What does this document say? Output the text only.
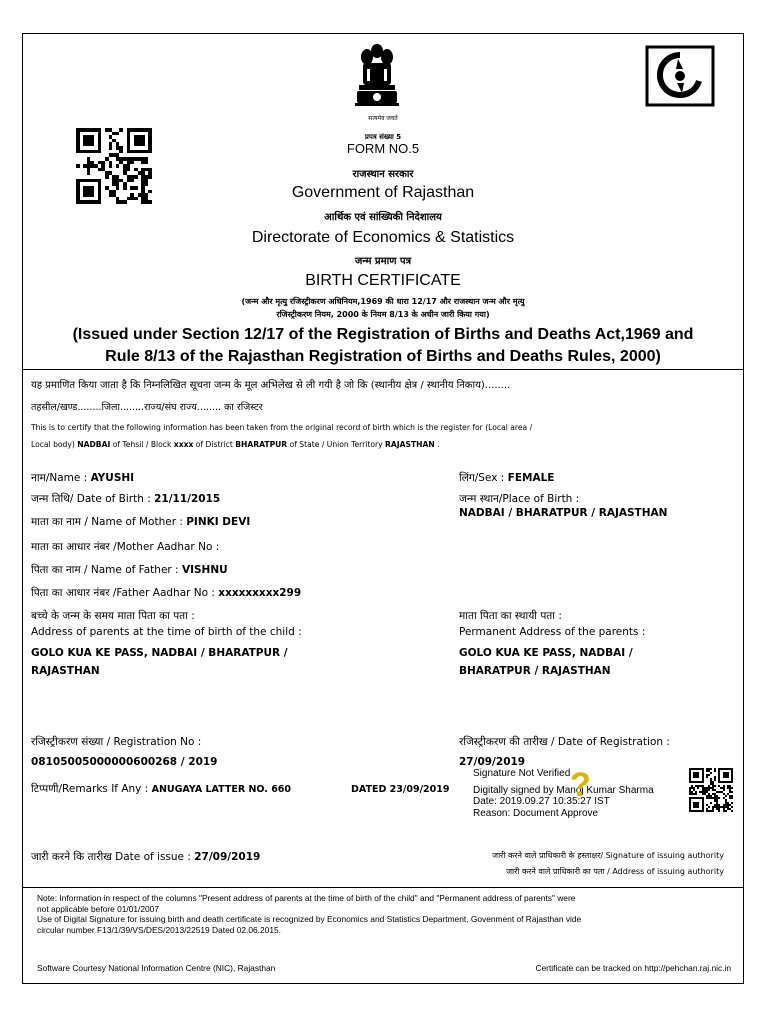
सत्यमेव जयते
प्रपत्र संख्या 5
FORM NO.5
राजस्थान सरकार
Government of Rajasthan
आर्थिक एवं सांख्यिकी निदेशालय
Directorate of Economics & Statistics
जन्म प्रमाण पत्र
BIRTH CERTIFICATE
(जन्म और मृत्यु रजिस्ट्रीकरण अधिनियम,1969 की धारा 12/17 और राजस्थान जन्म और मृत्यु
रजिस्ट्रीकरण नियम, 2000 के नियम 8/13 के अधीन जारी किया गया)
(Issued under Section 12/17 of the Registration of Births and Deaths Act,1969 and
Rule 8/13 of the Rajasthan Registration of Births and Deaths Rules, 2000)
यह प्रमाणित किया जाता है कि निम्नलिखित सूचना जन्म के मूल अभिलेख से ली गयी है जो कि (स्थानीय क्षेत्र / स्थानीय निकाय)........
तहसील/खण्ड........जिला........राज्य/संघ राज्य........ का रजिस्टर
This is to certify that the following information has been taken from the original record of birth which is the register for (Local area /
Local body) NADBAI of Tehsil / Block xxxx of District BHARATPUR of State / Union Territory RAJASTHAN .
नाम/Name : AYUSHI
जन्म तिथि/ Date of Birth : 21/11/2015
माता का नाम / Name of Mother : PINKI DEVI
माता का आधार नंबर /Mother Aadhar No :
पिता का नाम / Name of Father : VISHNU
पिता का आधार नंबर /Father Aadhar No : xxxxxxxxx299
बच्चे के जन्म के समय माता पिता का पता :
Address of parents at the time of birth of the child :
GOLO KUA KE PASS, NADBAI / BHARATPUR /
RAJASTHAN
लिंग/Sex : FEMALE
जन्म स्थान/Place of Birth :
NADBAI / BHARATPUR / RAJASTHAN
माता पिता का स्थायी पता :
Permanent Address of the parents :
GOLO KUA KE PASS, NADBAI /
BHARATPUR / RAJASTHAN
रजिस्ट्रीकरण संख्या / Registration No :
08105005000000600268 / 2019
रजिस्ट्रीकरण की तारीख / Date of Registration :
27/09/2019
टिप्पणी/Remarks If Any : ANUGAYA LATTER NO. 660	DATED 23/09/2019
Signature Not Verified
Digitally signed by Manoj Kumar Sharma
Date: 2019.09.27 10:35:27 IST
Reason: Document Approve
?
जारी करने कि तारीख Date of issue : 27/09/2019	जारी करने वाले प्राधिकारी के हस्ताक्षर/ Signature of issuing authority
जारी करने वाले प्राधिकारी का पता / Address of issuing authority
Note: Information in respect of the columns "Present address of parents at the time of birth of the child" and "Permanent address of parents" were
not applicable before 01/01/2007
Use of Digital Signature for issuing birth and death certificate is recognized by Economics and Statistics Department, Govenment of Rajasthan vide
circular number F13/1/39/VS/DES/2013/22519 Dated 02.06.2015.
Software Courtesy National Information Centre (NIC), Rajasthan	Certificate can be tracked on http://pehchan.raj.nic.in
